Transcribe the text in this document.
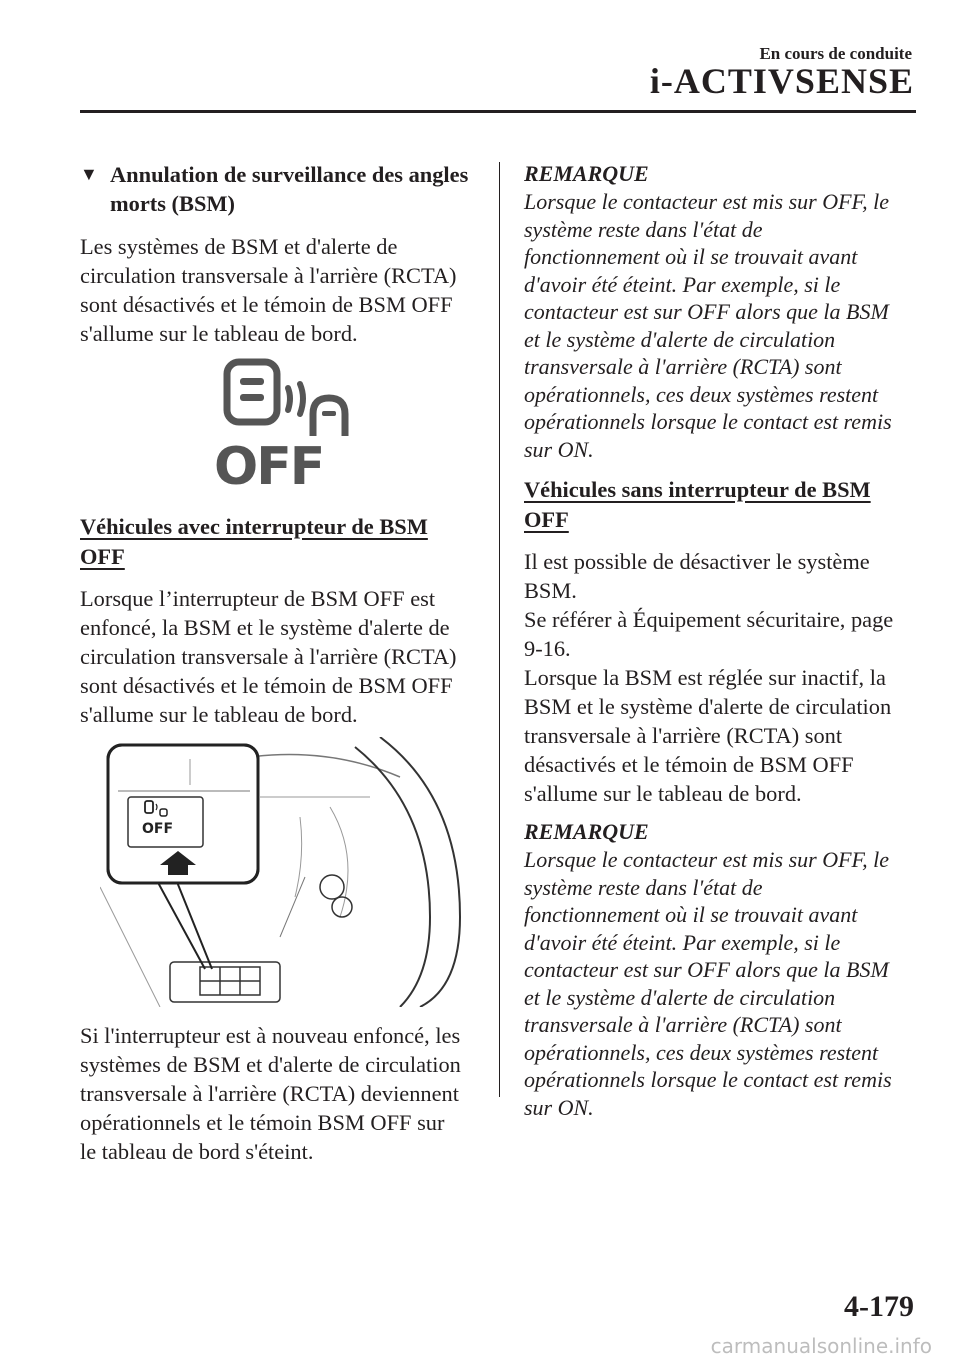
En cours de conduite
i-ACTIVSENSE
▼ Annulation de surveillance des angles morts (BSM)

Les systèmes de BSM et d'alerte de
circulation transversale à l'arrière (RCTA)
sont désactivés et le témoin de BSM OFF
s'allume sur le tableau de bord.

OFF
Véhicules avec interrupteur de BSM OFF

Lorsque l’interrupteur de BSM OFF est
enfoncé, la BSM et le système d'alerte de
circulation transversale à l'arrière (RCTA)
sont désactivés et le témoin de BSM OFF
s'allume sur le tableau de bord.

OFF

Si l'interrupteur est à nouveau enfoncé, les
systèmes de BSM et d'alerte de circulation
transversale à l'arrière (RCTA) deviennent
opérationnels et le témoin BSM OFF sur
le tableau de bord s'éteint.

REMARQUE

Lorsque le contacteur est mis sur OFF, le
système reste dans l'état de
fonctionnement où il se trouvait avant
d'avoir été éteint. Par exemple, si le
contacteur est sur OFF alors que la BSM
et le système d'alerte de circulation
transversale à l'arrière (RCTA) sont
opérationnels, ces deux systèmes restent
opérationnels lorsque le contact est remis
sur ON.

Véhicules sans interrupteur de BSM OFF

Il est possible de désactiver le système
BSM.
Se référer à Équipement sécuritaire, page
9-16.
Lorsque la BSM est réglée sur inactif, la
BSM et le système d'alerte de circulation
transversale à l'arrière (RCTA) sont
désactivés et le témoin de BSM OFF
s'allume sur le tableau de bord.

REMARQUE

Lorsque le contacteur est mis sur OFF, le
système reste dans l'état de
fonctionnement où il se trouvait avant
d'avoir été éteint. Par exemple, si le
contacteur est sur OFF alors que la BSM
et le système d'alerte de circulation
transversale à l'arrière (RCTA) sont
opérationnels, ces deux systèmes restent
opérationnels lorsque le contact est remis
sur ON.

4-179
carmanualsonline.info
